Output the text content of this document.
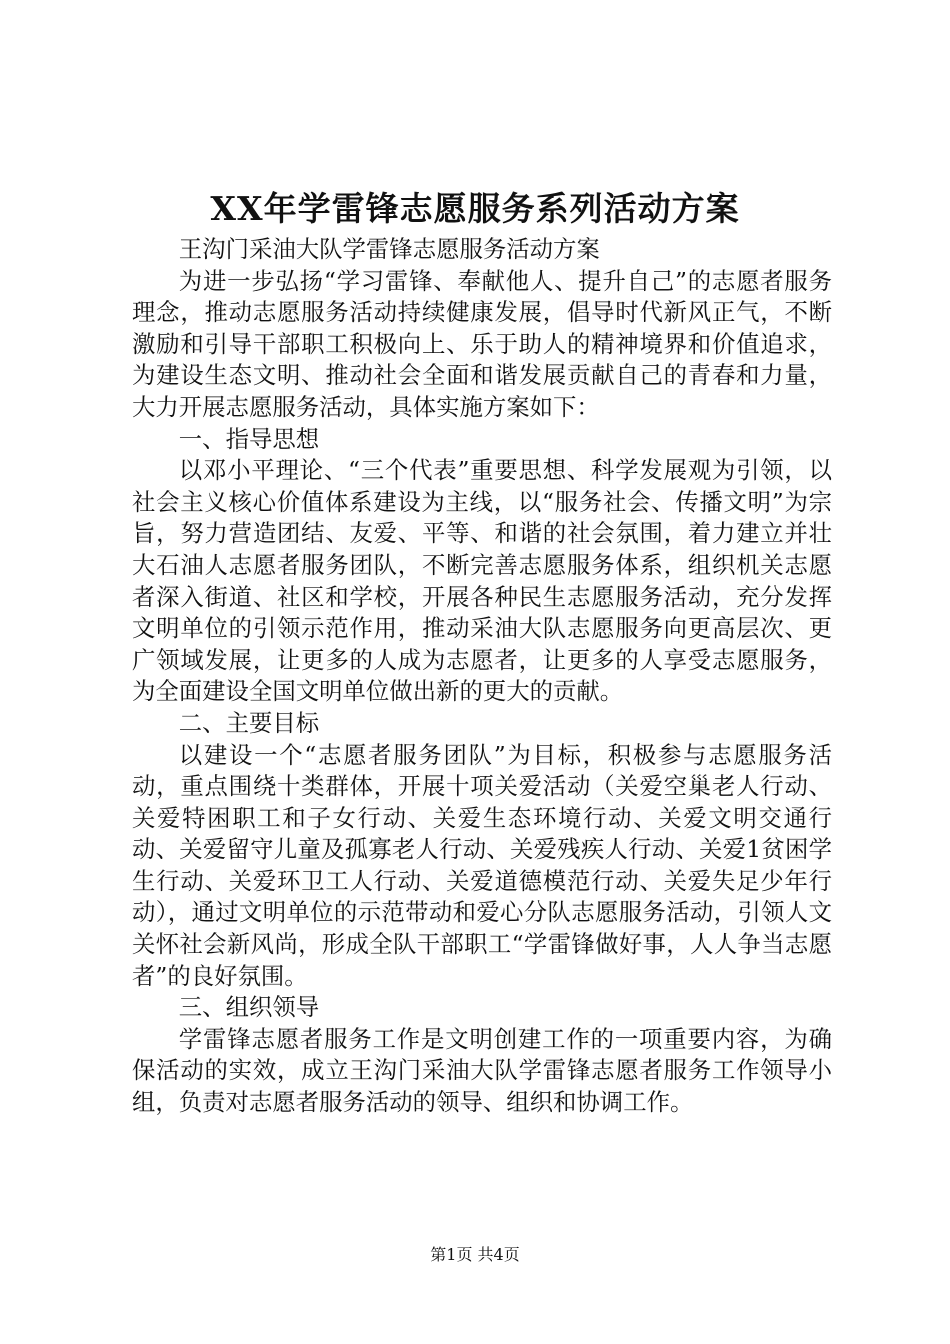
XX年学雷锋志愿服务系列活动方案

王沟门采油大队学雷锋志愿服务活动方案

为进一步弘扬“学习雷锋、奉献他人、提升自己”的志愿者服务理念，推动志愿服务活动持续健康发展，倡导时代新风正气，不断激励和引导干部职工积极向上、乐于助人的精神境界和价值追求，为建设生态文明、推动社会全面和谐发展贡献自己的青春和力量，大力开展志愿服务活动，具体实施方案如下：

一、指导思想

以邓小平理论、“三个代表”重要思想、科学发展观为引领，以社会主义核心价值体系建设为主线，以“服务社会、传播文明”为宗旨，努力营造团结、友爱、平等、和谐的社会氛围，着力建立并壮大石油人志愿者服务团队，不断完善志愿服务体系，组织机关志愿者深入街道、社区和学校，开展各种民生志愿服务活动，充分发挥文明单位的引领示范作用，推动采油大队志愿服务向更高层次、更广领域发展，让更多的人成为志愿者，让更多的人享受志愿服务，为全面建设全国文明单位做出新的更大的贡献。

二、主要目标

以建设一个“志愿者服务团队”为目标，积极参与志愿服务活动，重点围绕十类群体，开展十项关爱活动（关爱空巢老人行动、关爱特困职工和子女行动、关爱生态环境行动、关爱文明交通行动、关爱留守儿童及孤寡老人行动、关爱残疾人行动、关爱1贫困学生行动、关爱环卫工人行动、关爱道德模范行动、关爱失足少年行动），通过文明单位的示范带动和爱心分队志愿服务活动，引领人文关怀社会新风尚，形成全队干部职工“学雷锋做好事，人人争当志愿者”的良好氛围。

三、组织领导

学雷锋志愿者服务工作是文明创建工作的一项重要内容，为确保活动的实效，成立王沟门采油大队学雷锋志愿者服务工作领导小组，负责对志愿者服务活动的领导、组织和协调工作。

第1页 共4页
